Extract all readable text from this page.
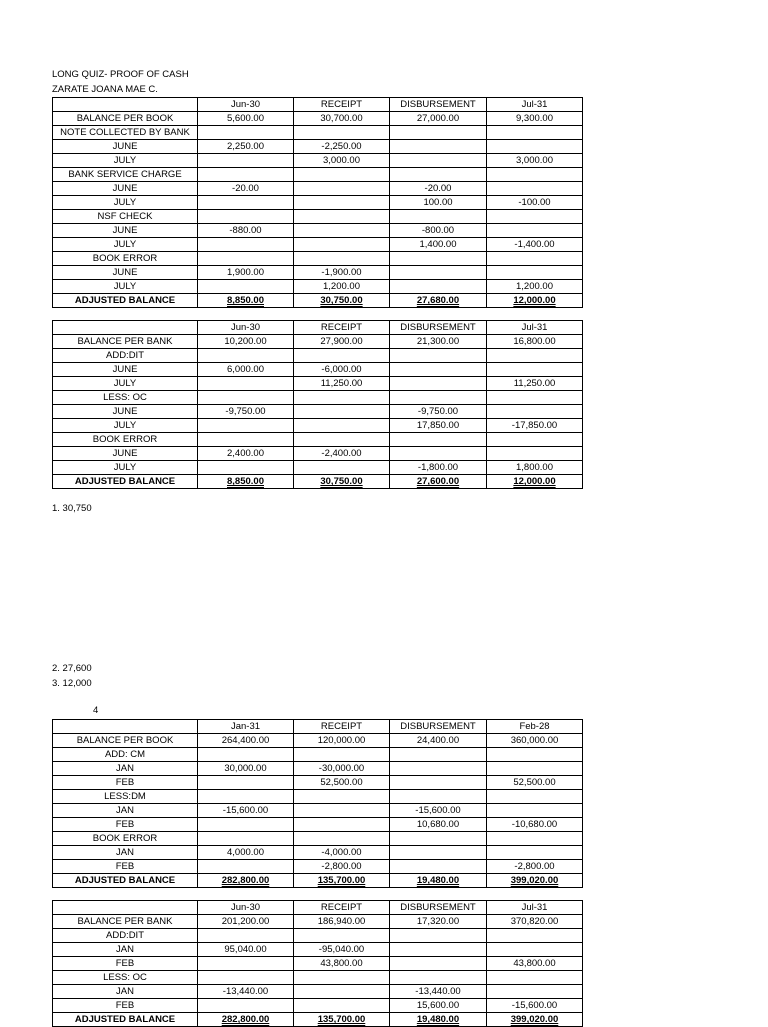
LONG QUIZ- PROOF OF CASH
ZARATE JOANA MAE C.
	Jun-30	RECEIPT	DISBURSEMENT	Jul-31
BALANCE PER BOOK	5,600.00	30,700.00	27,000.00	9,300.00
NOTE COLLECTED BY BANK				
JUNE	2,250.00	-2,250.00		
JULY		3,000.00		3,000.00
BANK SERVICE CHARGE				
JUNE	-20.00		-20.00	
JULY			100.00	-100.00
NSF CHECK				
JUNE	-880.00		-800.00	
JULY			1,400.00	-1,400.00
BOOK ERROR				
JUNE	1,900.00	-1,900.00		
JULY		1,200.00		1,200.00
ADJUSTED BALANCE	8,850.00	30,750.00	27,680.00	12,000.00
	Jun-30	RECEIPT	DISBURSEMENT	Jul-31
BALANCE PER BANK	10,200.00	27,900.00	21,300.00	16,800.00
ADD:DIT				
JUNE	6,000.00	-6,000.00		
JULY		11,250.00		11,250.00
LESS: OC				
JUNE	-9,750.00		-9,750.00	
JULY			17,850.00	-17,850.00
BOOK ERROR				
JUNE	2,400.00	-2,400.00		
JULY			-1,800.00	1,800.00
ADJUSTED BALANCE	8,850.00	30,750.00	27,600.00	12,000.00
1. 30,750
2. 27,600
3. 12,000
4
	Jan-31	RECEIPT	DISBURSEMENT	Feb-28
BALANCE PER BOOK	264,400.00	120,000.00	24,400.00	360,000.00
ADD: CM				
JAN	30,000.00	-30,000.00		
FEB		52,500.00		52,500.00
LESS:DM				
JAN	-15,600.00		-15,600.00	
FEB			10,680.00	-10,680.00
BOOK ERROR				
JAN	4,000.00	-4,000.00		
FEB		-2,800.00		-2,800.00
ADJUSTED BALANCE	282,800.00	135,700.00	19,480.00	399,020.00
	Jun-30	RECEIPT	DISBURSEMENT	Jul-31
BALANCE PER BANK	201,200.00	186,940.00	17,320.00	370,820.00
ADD:DIT				
JAN	95,040.00	-95,040.00		
FEB		43,800.00		43,800.00
LESS: OC				
JAN	-13,440.00		-13,440.00	
FEB			15,600.00	-15,600.00
ADJUSTED BALANCE	282,800.00	135,700.00	19,480.00	399,020.00
